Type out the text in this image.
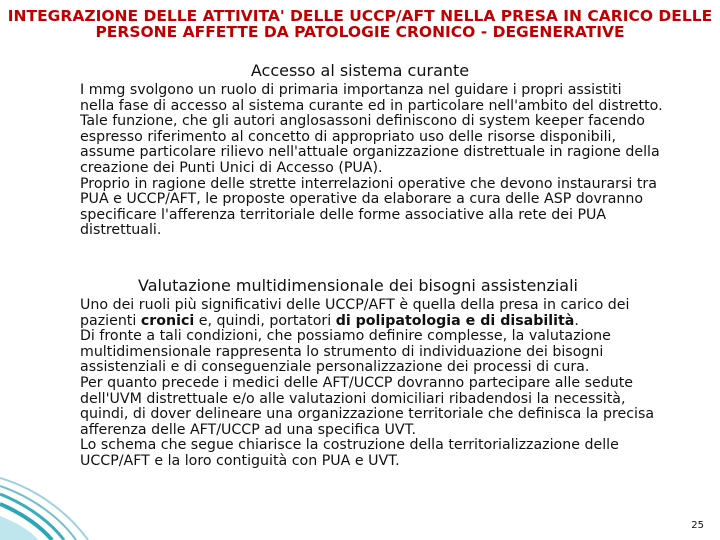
INTEGRAZIONE DELLE ATTIVITA' DELLE UCCP/AFT NELLA PRESA IN CARICO DELLE
PERSONE AFFETTE DA PATOLOGIE CRONICO - DEGENERATIVE
Accesso al sistema curante
I mmg svolgono un ruolo di primaria importanza nel guidare i propri assistiti
nella fase di accesso al sistema curante ed in particolare nell'ambito del distretto.
Tale funzione, che gli autori anglosassoni definiscono di system keeper facendo
espresso riferimento al concetto di appropriato uso delle risorse disponibili,
assume particolare rilievo nell'attuale organizzazione distrettuale in ragione della
creazione dei Punti Unici di Accesso (PUA).
Proprio in ragione delle strette interrelazioni operative che devono instaurarsi tra
PUA e UCCP/AFT, le proposte operative da elaborare a cura delle ASP dovranno
specificare l'afferenza territoriale delle forme associative alla rete dei PUA
distrettuali.
Valutazione multidimensionale dei bisogni assistenziali
Uno dei ruoli più significativi delle UCCP/AFT è quella della presa in carico dei
pazienti cronici e, quindi, portatori di polipatologia e di disabilità.
Di fronte a tali condizioni, che possiamo definire complesse, la valutazione
multidimensionale rappresenta lo strumento di individuazione dei bisogni
assistenziali e di conseguenziale personalizzazione dei processi di cura.
Per quanto precede i medici delle AFT/UCCP dovranno partecipare alle sedute
dell'UVM distrettuale e/o alle valutazioni domiciliari ribadendosi la necessità,
quindi, di dover delineare una organizzazione territoriale che definisca la precisa
afferenza delle AFT/UCCP ad una specifica UVT.
Lo schema che segue chiarisce la costruzione della territorializzazione delle
UCCP/AFT e la loro contiguità con PUA e UVT.
25
